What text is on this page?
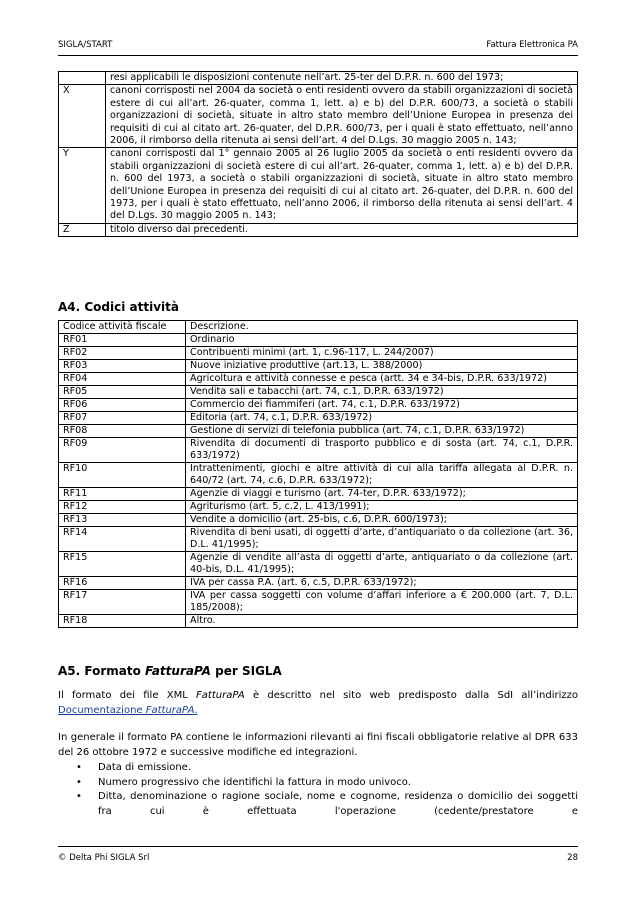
SIGLA/START	Fattura Elettronica PA
	resi applicabili le disposizioni contenute nell’art. 25-ter del D.P.R. n. 600 del 1973;
X	canoni corrisposti nel 2004 da società o enti residenti ovvero da stabili organizzazioni di società estere di cui all’art. 26-quater, comma 1, lett. a) e b) del D.P.R. 600/73, a società o stabili organizzazioni di società, situate in altro stato membro dell’Unione Europea in presenza dei requisiti di cui al citato art. 26-quater, del D.P.R. 600/73, per i quali è stato effettuato, nell’anno 2006, il rimborso della ritenuta ai sensi dell’art. 4 del D.Lgs. 30 maggio 2005 n. 143;
Y	canoni corrisposti dal 1° gennaio 2005 al 26 luglio 2005 da società o enti residenti ovvero da stabili organizzazioni di società estere di cui all’art. 26-quater, comma 1, lett. a) e b) del D.P.R. n. 600 del 1973, a società o stabili organizzazioni di società, situate in altro stato membro dell’Unione Europea in presenza dei requisiti di cui al citato art. 26-quater, del D.P.R. n. 600 del 1973, per i quali è stato effettuato, nell’anno 2006, il rimborso della ritenuta ai sensi dell’art. 4 del D.Lgs. 30 maggio 2005 n. 143;
Z	titolo diverso dai precedenti.
A4. Codici attività
Codice attività fiscale	Descrizione.
RF01	Ordinario
RF02	Contribuenti minimi (art. 1, c.96-117, L. 244/2007)
RF03	Nuove iniziative produttive (art.13, L. 388/2000)
RF04	Agricoltura e attività connesse e pesca (artt. 34 e 34-bis, D.P.R. 633/1972)
RF05	Vendita sali e tabacchi (art. 74, c.1, D.P.R. 633/1972)
RF06	Commercio dei fiammiferi (art. 74, c.1, D.P.R. 633/1972)
RF07	Editoria (art. 74, c.1, D.P.R. 633/1972)
RF08	Gestione di servizi di telefonia pubblica (art. 74, c.1, D.P.R. 633/1972)
RF09	Rivendita di documenti di trasporto pubblico e di sosta (art. 74, c.1, D.P.R. 633/1972)
RF10	Intrattenimenti, giochi e altre attività di cui alla tariffa allegata al D.P.R. n. 640/72 (art. 74, c.6, D.P.R. 633/1972);
RF11	Agenzie di viaggi e turismo (art. 74-ter, D.P.R. 633/1972);
RF12	Agriturismo (art. 5, c.2, L. 413/1991);
RF13	Vendite a domicilio (art. 25-bis, c.6, D.P.R. 600/1973);
RF14	Rivendita di beni usati, di oggetti d’arte, d’antiquariato o da collezione (art. 36, D.L. 41/1995);
RF15	Agenzie di vendite all’asta di oggetti d’arte, antiquariato o da collezione (art. 40-bis, D.L. 41/1995);
RF16	IVA per cassa P.A. (art. 6, c.5, D.P.R. 633/1972);
RF17	IVA per cassa soggetti con volume d’affari inferiore a € 200.000 (art. 7, D.L. 185/2008);
RF18	Altro.
A5. Formato FatturaPA per SIGLA

Il formato dei file XML FatturaPA è descritto nel sito web predisposto dalla SdI all’indirizzo Documentazione FatturaPA.

In generale il formato PA contiene le informazioni rilevanti ai fini fiscali obbligatorie relative al DPR 633 del 26 ottobre 1972 e successive modifiche ed integrazioni.

• Data di emissione.
• Numero progressivo che identifichi la fattura in modo univoco.
• Ditta, denominazione o ragione sociale, nome e cognome, residenza o domicilio dei soggetti fra cui è effettuata l'operazione (cedente/prestatore e
© Delta Phi SIGLA Srl	28
